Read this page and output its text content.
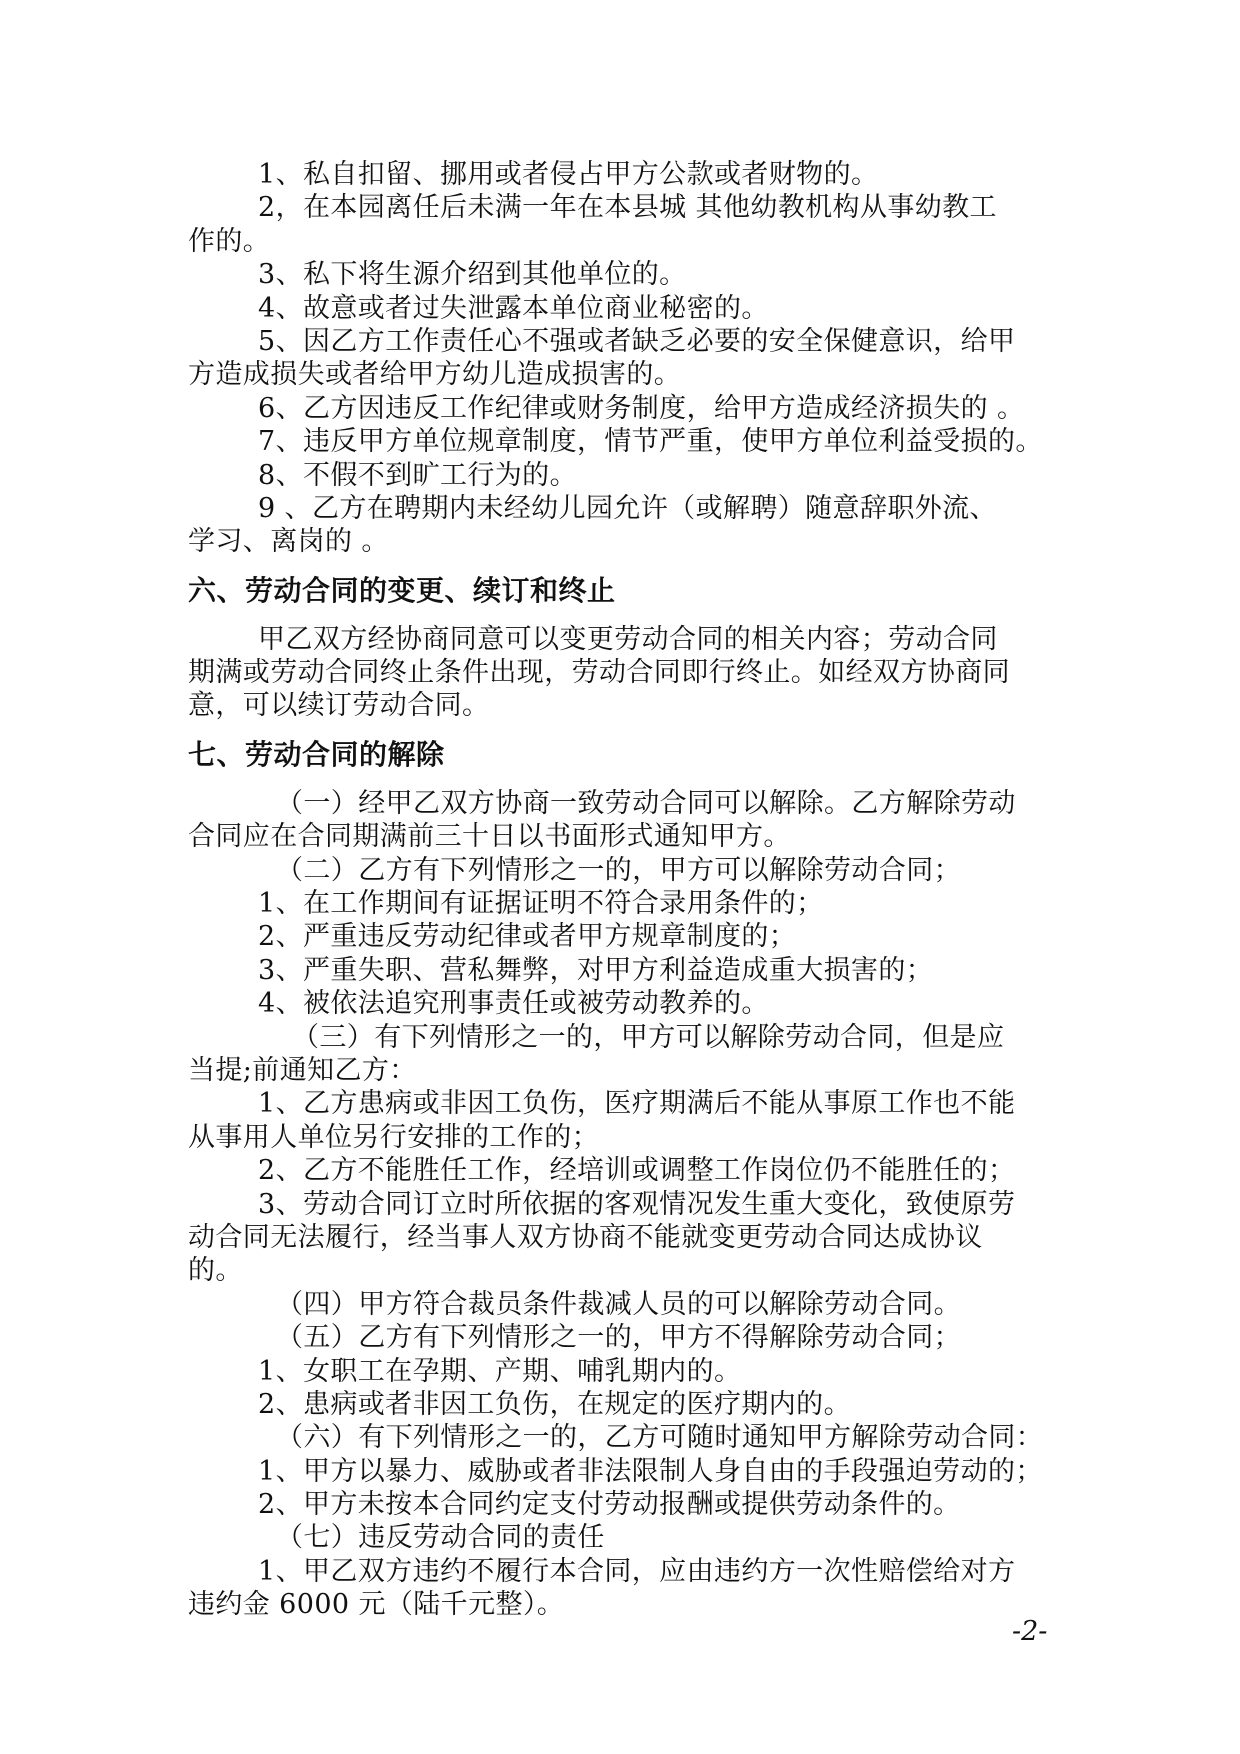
1、私自扣留、挪用或者侵占甲方公款或者财物的。
2，在本园离任后未满一年在本县城 其他幼教机构从事幼教工
作的。
3、私下将生源介绍到其他单位的。
4、故意或者过失泄露本单位商业秘密的。
5、因乙方工作责任心不强或者缺乏必要的安全保健意识，给甲
方造成损失或者给甲方幼儿造成损害的。
6、乙方因违反工作纪律或财务制度，给甲方造成经济损失的 。
7、违反甲方单位规章制度，情节严重，使甲方单位利益受损的。
8、不假不到旷工行为的。
9 、乙方在聘期内未经幼儿园允许（或解聘）随意辞职外流、
学习、离岗的 。
六、劳动合同的变更、续订和终止
甲乙双方经协商同意可以变更劳动合同的相关内容；劳动合同
期满或劳动合同终止条件出现，劳动合同即行终止。如经双方协商同
意，可以续订劳动合同。
七、劳动合同的解除
（一）经甲乙双方协商一致劳动合同可以解除。乙方解除劳动
合同应在合同期满前三十日以书面形式通知甲方。
（二）乙方有下列情形之一的，甲方可以解除劳动合同；
1、在工作期间有证据证明不符合录用条件的；
2、严重违反劳动纪律或者甲方规章制度的；
3、严重失职、营私舞弊，对甲方利益造成重大损害的；
4、被依法追究刑事责任或被劳动教养的。
（三）有下列情形之一的，甲方可以解除劳动合同，但是应
当提;前通知乙方：
1、乙方患病或非因工负伤，医疗期满后不能从事原工作也不能
从事用人单位另行安排的工作的；
2、乙方不能胜任工作，经培训或调整工作岗位仍不能胜任的；
3、劳动合同订立时所依据的客观情况发生重大变化，致使原劳
动合同无法履行，经当事人双方协商不能就变更劳动合同达成协议
的。
（四）甲方符合裁员条件裁减人员的可以解除劳动合同。
（五）乙方有下列情形之一的，甲方不得解除劳动合同；
1、女职工在孕期、产期、哺乳期内的。
2、患病或者非因工负伤，在规定的医疗期内的。
（六）有下列情形之一的，乙方可随时通知甲方解除劳动合同：
1、甲方以暴力、威胁或者非法限制人身自由的手段强迫劳动的；
2、甲方未按本合同约定支付劳动报酬或提供劳动条件的。
（七）违反劳动合同的责任
1、甲乙双方违约不履行本合同，应由违约方一次性赔偿给对方
违约金 6000 元（陆千元整）。
-2-
